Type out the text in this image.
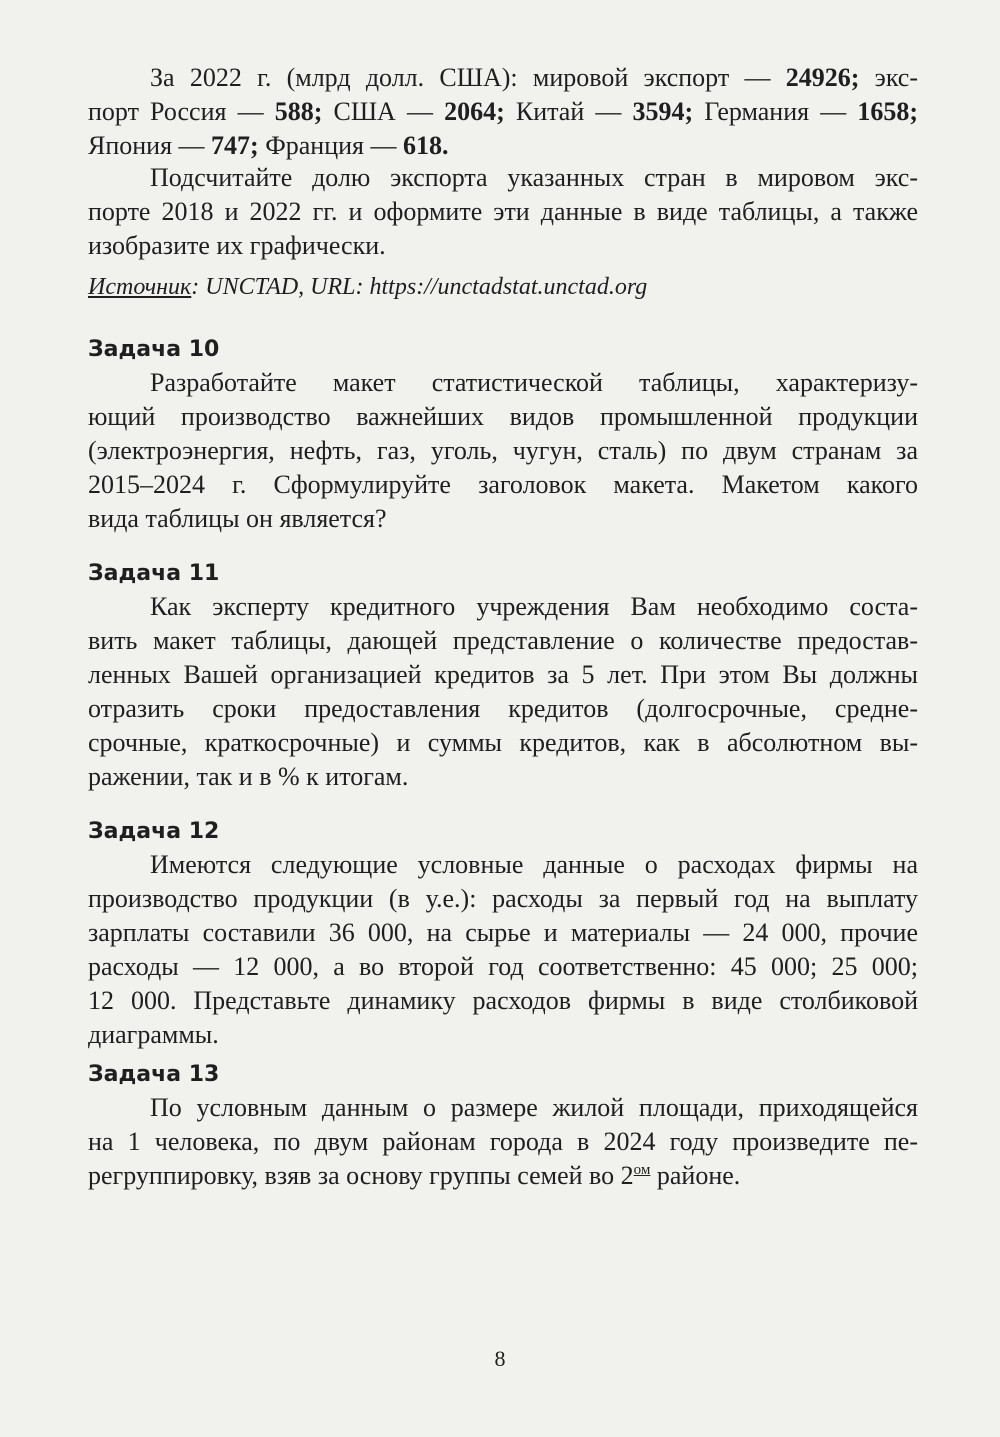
За 2022 г. (млрд долл. США): мировой экспорт — 24926; экс-
порт Россия — 588; США — 2064; Китай — 3594; Германия — 1658;
Япония — 747; Франция — 618.
Подсчитайте долю экспорта указанных стран в мировом экс-
порте 2018 и 2022 гг. и оформите эти данные в виде таблицы, а также
изобразите их графически.
Источник: UNCTAD, URL: https://unctadstat.unctad.org
Задача 10
Разработайте макет статистической таблицы, характеризу-
ющий производство важнейших видов промышленной продукции
(электроэнергия, нефть, газ, уголь, чугун, сталь) по двум странам за
2015–2024 г. Сформулируйте заголовок макета. Макетом какого
вида таблицы он является?
Задача 11
Как эксперту кредитного учреждения Вам необходимо соста-
вить макет таблицы, дающей представление о количестве предостав-
ленных Вашей организацией кредитов за 5 лет. При этом Вы должны
отразить сроки предоставления кредитов (долгосрочные, средне-
срочные, краткосрочные) и суммы кредитов, как в абсолютном вы-
ражении, так и в % к итогам.
Задача 12
Имеются следующие условные данные о расходах фирмы на
производство продукции (в у.е.): расходы за первый год на выплату
зарплаты составили 36 000, на сырье и материалы — 24 000, прочие
расходы — 12 000, а во второй год соответственно: 45 000; 25 000;
12 000. Представьте динамику расходов фирмы в виде столбиковой
диаграммы.
Задача 13
По условным данным о размере жилой площади, приходящейся
на 1 человека, по двум районам города в 2024 году произведите пе-
регруппировку, взяв за основу группы семей во $2^{ом}$ районе.
8
